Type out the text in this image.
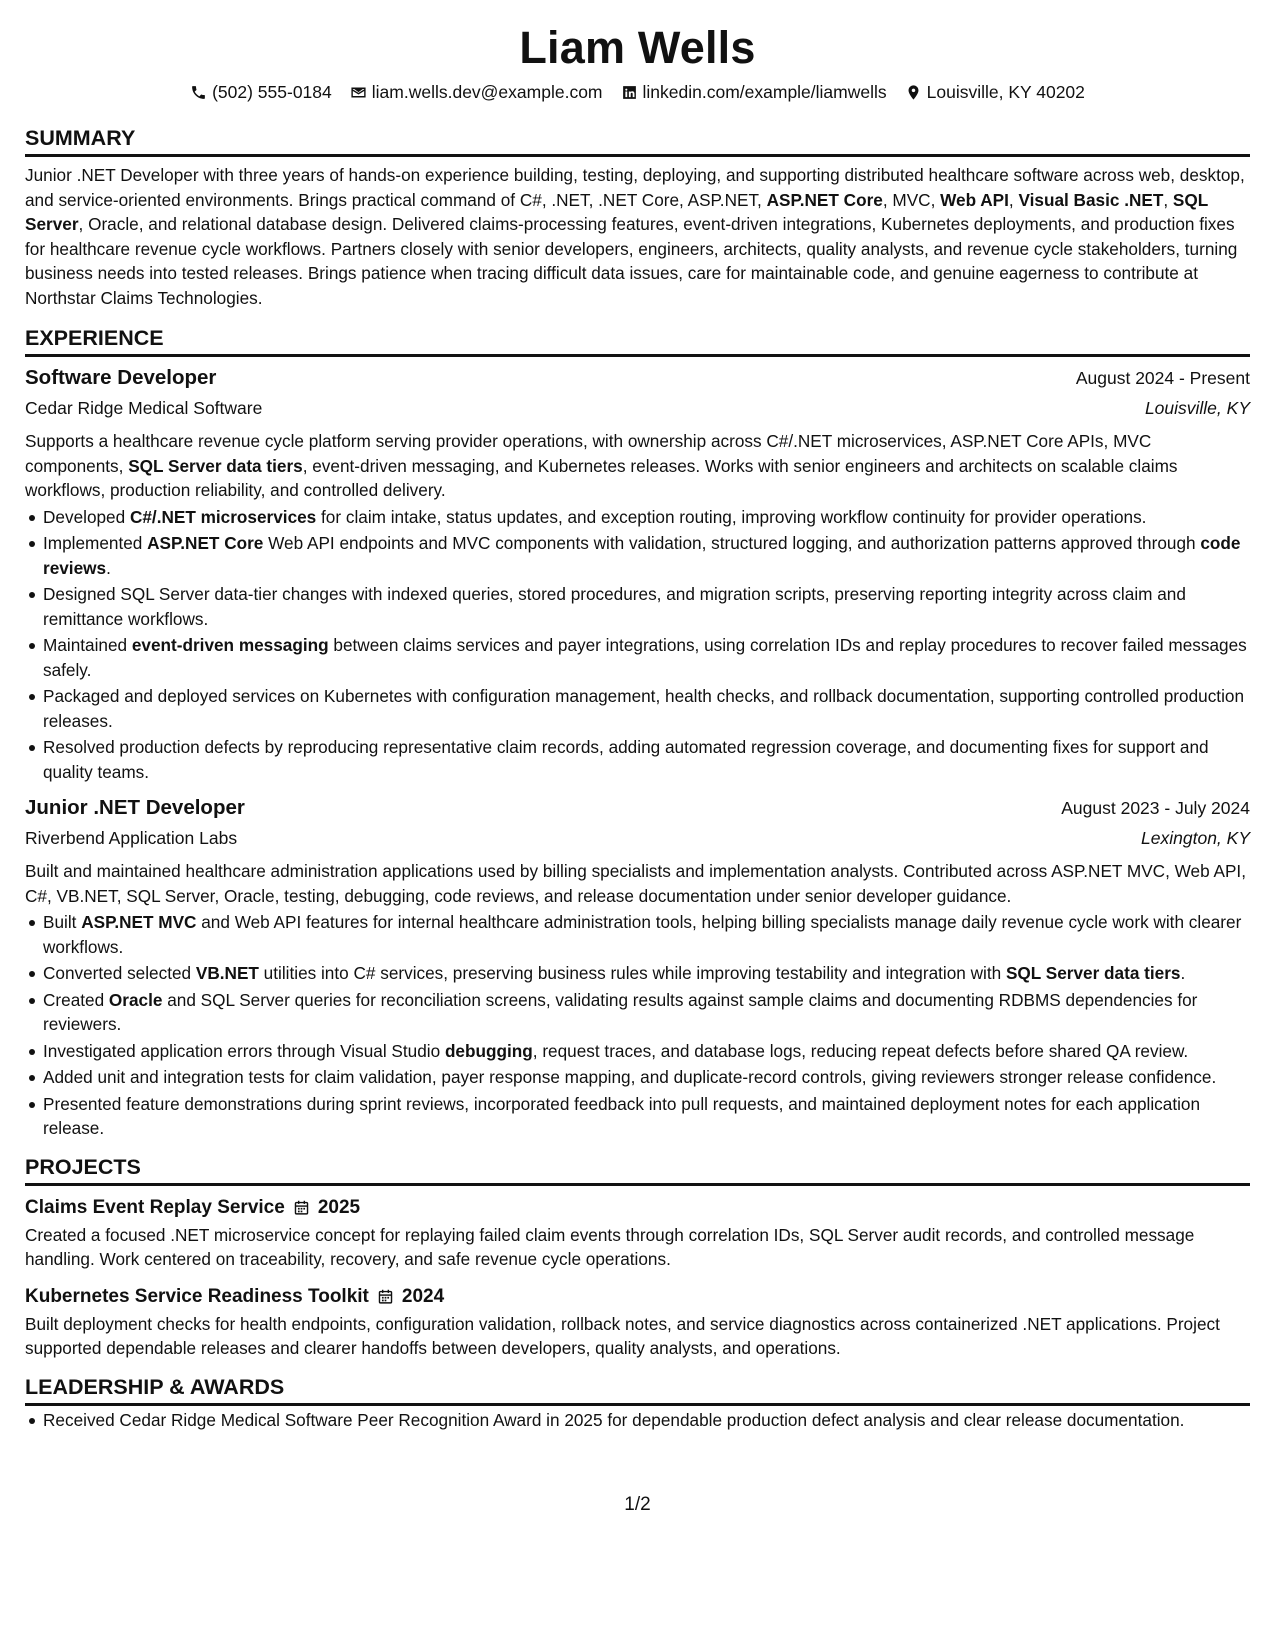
Liam Wells
(502) 555-0184 liam.wells.dev@example.com linkedin.com/example/liamwells Louisville, KY 40202
SUMMARY

Junior .NET Developer with three years of hands-on experience building, testing, deploying, and supporting distributed healthcare software across web, desktop, and service-oriented environments. Brings practical command of C#, .NET, .NET Core, ASP.NET, ASP.NET Core, MVC, Web API, Visual Basic .NET, SQL Server, Oracle, and relational database design. Delivered claims-processing features, event-driven integrations, Kubernetes deployments, and production fixes for healthcare revenue cycle workflows. Partners closely with senior developers, engineers, architects, quality analysts, and revenue cycle stakeholders, turning business needs into tested releases. Brings patience when tracing difficult data issues, care for maintainable code, and genuine eagerness to contribute at Northstar Claims Technologies.

EXPERIENCE
Software Developer	August 2024 - Present
Cedar Ridge Medical Software	Louisville, KY

Supports a healthcare revenue cycle platform serving provider operations, with ownership across C#/.NET microservices, ASP.NET Core APIs, MVC components, SQL Server data tiers, event-driven messaging, and Kubernetes releases. Works with senior engineers and architects on scalable claims workflows, production reliability, and controlled delivery.

Developed C#/.NET microservices for claim intake, status updates, and exception routing, improving workflow continuity for provider operations.
Implemented ASP.NET Core Web API endpoints and MVC components with validation, structured logging, and authorization patterns approved through code reviews.
Designed SQL Server data-tier changes with indexed queries, stored procedures, and migration scripts, preserving reporting integrity across claim and remittance workflows.
Maintained event-driven messaging between claims services and payer integrations, using correlation IDs and replay procedures to recover failed messages safely.
Packaged and deployed services on Kubernetes with configuration management, health checks, and rollback documentation, supporting controlled production releases.
Resolved production defects by reproducing representative claim records, adding automated regression coverage, and documenting fixes for support and quality teams.
Junior .NET Developer	August 2023 - July 2024
Riverbend Application Labs	Lexington, KY

Built and maintained healthcare administration applications used by billing specialists and implementation analysts. Contributed across ASP.NET MVC, Web API, C#, VB.NET, SQL Server, Oracle, testing, debugging, code reviews, and release documentation under senior developer guidance.

Built ASP.NET MVC and Web API features for internal healthcare administration tools, helping billing specialists manage daily revenue cycle work with clearer workflows.
Converted selected VB.NET utilities into C# services, preserving business rules while improving testability and integration with SQL Server data tiers.
Created Oracle and SQL Server queries for reconciliation screens, validating results against sample claims and documenting RDBMS dependencies for reviewers.
Investigated application errors through Visual Studio debugging, request traces, and database logs, reducing repeat defects before shared QA review.
Added unit and integration tests for claim validation, payer response mapping, and duplicate-record controls, giving reviewers stronger release confidence.
Presented feature demonstrations during sprint reviews, incorporated feedback into pull requests, and maintained deployment notes for each application release.
PROJECTS
Claims Event Replay Service 2025

Created a focused .NET microservice concept for replaying failed claim events through correlation IDs, SQL Server audit records, and controlled message handling. Work centered on traceability, recovery, and safe revenue cycle operations.

Kubernetes Service Readiness Toolkit 2024

Built deployment checks for health endpoints, configuration validation, rollback notes, and service diagnostics across containerized .NET applications. Project supported dependable releases and clearer handoffs between developers, quality analysts, and operations.

LEADERSHIP & AWARDS
Received Cedar Ridge Medical Software Peer Recognition Award in 2025 for dependable production defect analysis and clear release documentation.
1/2
